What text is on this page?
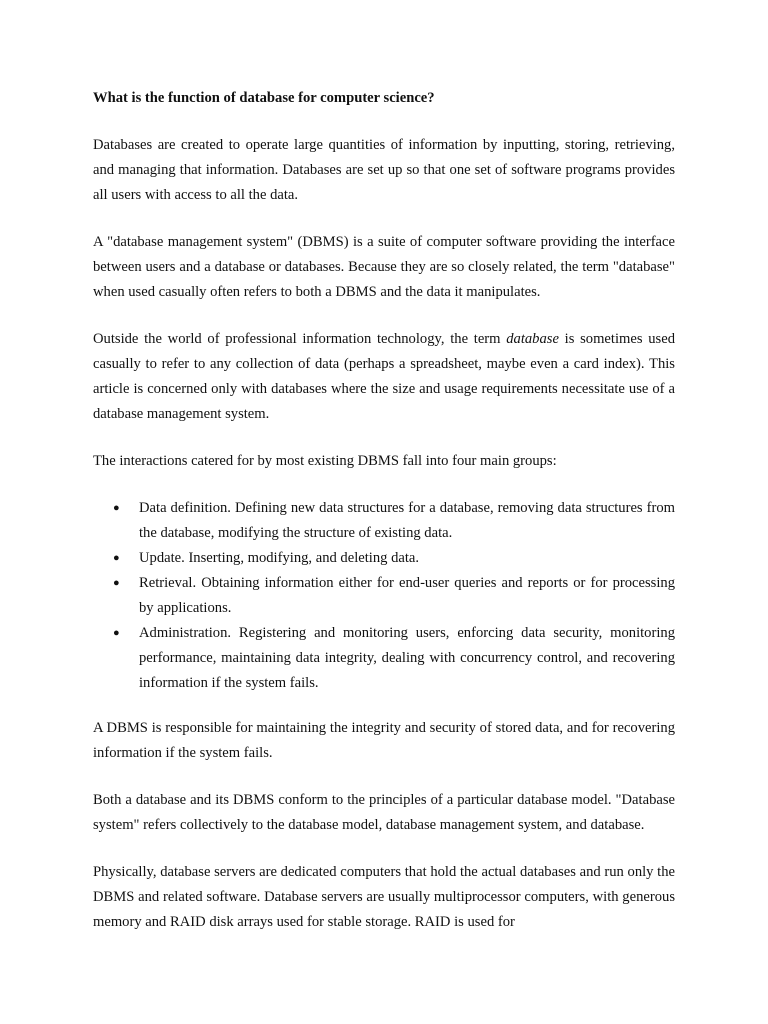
What is the function of database for computer science?

Databases are created to operate large quantities of information by inputting, storing, retrieving, and managing that information. Databases are set up so that one set of software programs provides all users with access to all the data.

A "database management system" (DBMS) is a suite of computer software providing the interface between users and a database or databases. Because they are so closely related, the term "database" when used casually often refers to both a DBMS and the data it manipulates.

Outside the world of professional information technology, the term database is sometimes used casually to refer to any collection of data (perhaps a spreadsheet, maybe even a card index). This article is concerned only with databases where the size and usage requirements necessitate use of a database management system.

The interactions catered for by most existing DBMS fall into four main groups:

● Data definition. Defining new data structures for a database, removing data structures from the database, modifying the structure of existing data.
● Update. Inserting, modifying, and deleting data.
● Retrieval. Obtaining information either for end-user queries and reports or for processing by applications.
● Administration. Registering and monitoring users, enforcing data security, monitoring performance, maintaining data integrity, dealing with concurrency control, and recovering information if the system fails.

A DBMS is responsible for maintaining the integrity and security of stored data, and for recovering information if the system fails.

Both a database and its DBMS conform to the principles of a particular database model. "Database system" refers collectively to the database model, database management system, and database.

Physically, database servers are dedicated computers that hold the actual databases and run only the DBMS and related software. Database servers are usually multiprocessor computers, with generous memory and RAID disk arrays used for stable storage. RAID is used for
